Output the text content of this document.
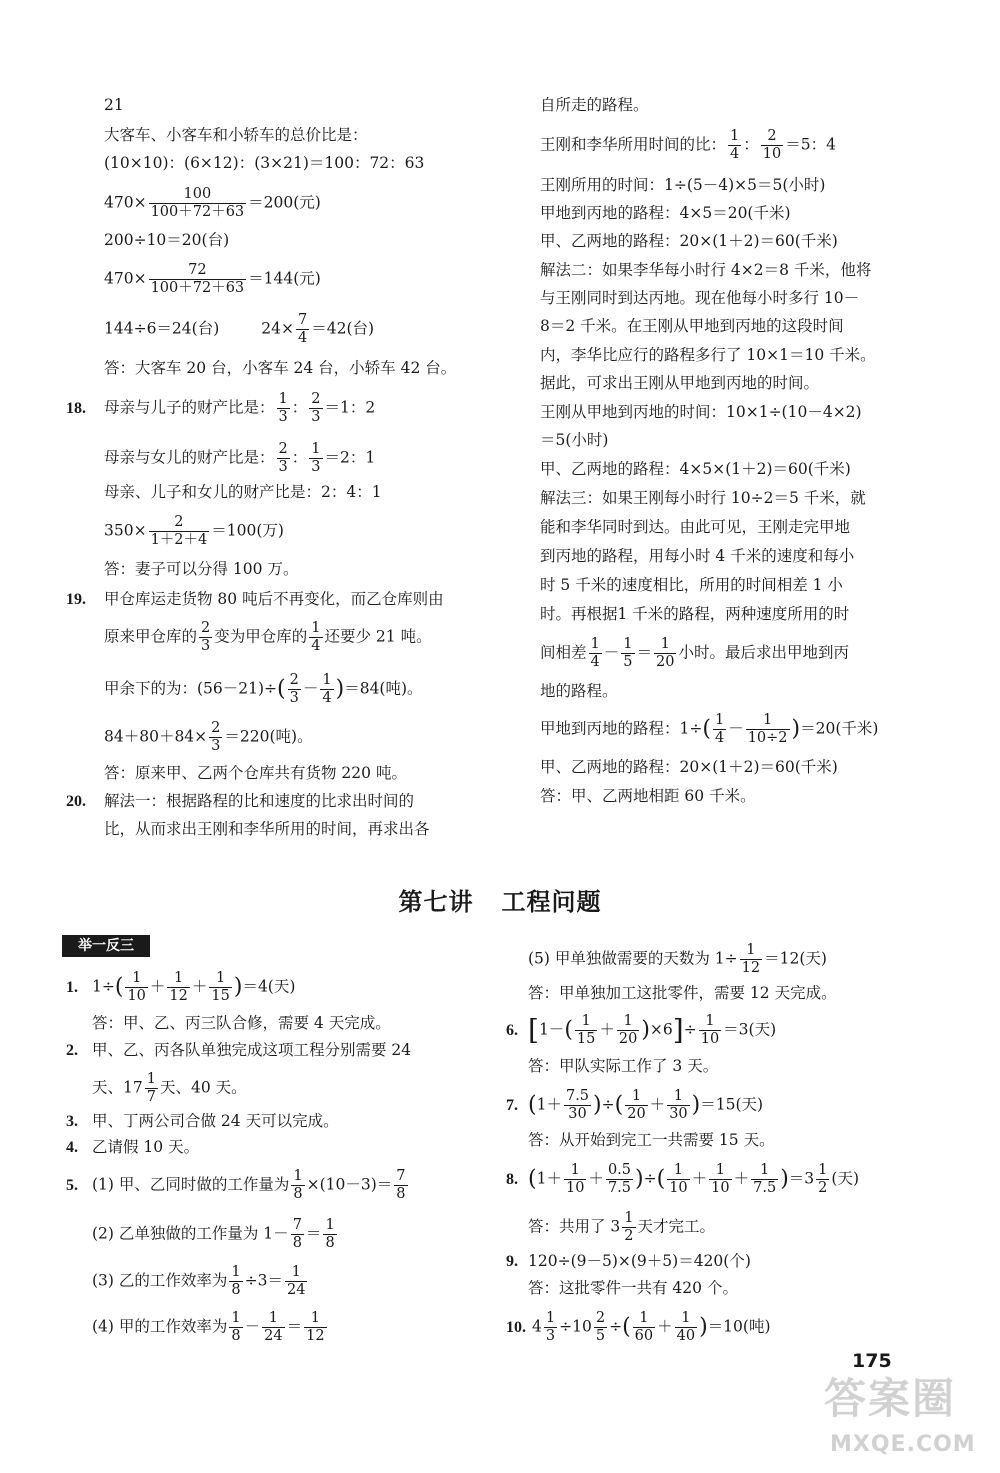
21
大客车、小客车和小轿车的总价比是：
(10×10)：(6×12)：(3×21)＝100：72：63
$470\times \frac{100}{100+72+63} =200$(元)
200÷10＝20(台)
$470\times \frac{72}{100+72+63} =144$(元)
144÷6＝24(台)	$24\times \frac{7}{4} =42$(台)
答：大客车 20 台，小客车 24 台，小轿车 42 台。
18. 母亲与儿子的财产比是： $\frac{1}{3}$ ： $\frac{2}{3} =1$：2
母亲与女儿的财产比是： $\frac{2}{3}$ ： $\frac{1}{3} =2$：1
母亲、儿子和女儿的财产比是：2：4：1
$350\times \frac{2}{1+2+4} =100$(万)
答：妻子可以分得 100 万。
19. 甲仓库运走货物 80 吨后不再变化，而乙仓库则由
原来甲仓库的 $\frac{2}{3}$ 变为甲仓库的 $\frac{1}{4}$ 还要少 21 吨。
甲余下的为：$(56-21)\div( \frac{2}{3} - \frac{1}{4} )=84$(吨)。
$84+80+84\times \frac{2}{3} =220$(吨)。
答：原来甲、乙两个仓库共有货物 220 吨。
20. 解法一：根据路程的比和速度的比求出时间的
比，从而求出王刚和李华所用的时间，再求出各
自所走的路程。
王刚和李华所用时间的比： $\frac{1}{4}$ ： $\frac{2}{10} =5$：4
王刚所用的时间：1÷(5－4)×5＝5(小时)
甲地到丙地的路程：4×5＝20(千米)
甲、乙两地的路程：20×(1＋2)＝60(千米)
解法二：如果李华每小时行 4×2＝8 千米，他将
与王刚同时到达丙地。现在他每小时多行 10－
8＝2 千米。在王刚从甲地到丙地的这段时间
内，李华比应行的路程多行了 10×1＝10 千米。
据此，可求出王刚从甲地到丙地的时间。
王刚从甲地到丙地的时间：10×1÷(10－4×2)
＝5(小时)
甲、乙两地的路程：4×5×(1＋2)＝60(千米)
解法三：如果王刚每小时行 10÷2＝5 千米，就
能和李华同时到达。由此可见，王刚走完甲地
到丙地的路程，用每小时 4 千米的速度和每小
时 5 千米的速度相比，所用的时间相差 1 小
时。再根据1 千米的路程，两种速度所用的时
间相差 $\frac{1}{4} - \frac{1}{5} = \frac{1}{20}$ 小时。最后求出甲地到丙
地的路程。
甲地到丙地的路程：$1\div( \frac{1}{4} - \frac{1}{10\div 2} )=20$(千米)
甲、乙两地的路程：20×(1＋2)＝60(千米)
答：甲、乙两地相距 60 千米。
第七讲 工程问题
举一反三
1. $1\div( \frac{1}{10} + \frac{1}{12} + \frac{1}{15} )=4$(天)
答：甲、乙、丙三队合修，需要 4 天完成。
2. 甲、乙、丙各队单独完成这项工程分别需要 24
天、$17 \frac{1}{7}$ 天、40 天。
3. 甲、丁两公司合做 24 天可以完成。
4. 乙请假 10 天。
5. (1) 甲、乙同时做的工作量为 $\frac{1}{8} \times(10-3)= \frac{7}{8}$
(2) 乙单独做的工作量为 $1- \frac{7}{8} = \frac{1}{8}$
(3) 乙的工作效率为 $\frac{1}{8} \div 3= \frac{1}{24}$
(4) 甲的工作效率为 $\frac{1}{8} - \frac{1}{24} = \frac{1}{12}$
(5) 甲单独做需要的天数为 $1\div \frac{1}{12} =12$(天)
答：甲单独加工这批零件，需要 12 天完成。
6. $[1-( \frac{1}{15} + \frac{1}{20} )\times 6]\div \frac{1}{10} =3$(天)
答：甲队实际工作了 3 天。
7. ($1+ \frac{7.5}{30}$ )÷( $\frac{1}{20} + \frac{1}{30} )=15$(天)
答：从开始到完工一共需要 15 天。
8. ($1+ \frac{1}{10} + \frac{0.5}{7.5}$ )÷( $\frac{1}{10} + \frac{1}{10} + \frac{1}{7.5} )=3 \frac{1}{2}$ (天)
答：共用了 $3 \frac{1}{2}$ 天才完工。
9. 120÷(9－5)×(9＋5)＝420(个)
答：这批零件一共有 420 个。
10. $4 \frac{1}{3} \div 10 \frac{2}{5}$ ÷( $\frac{1}{60} + \frac{1}{40} )=10$(吨)
175
答案圈
MXQE.COM
